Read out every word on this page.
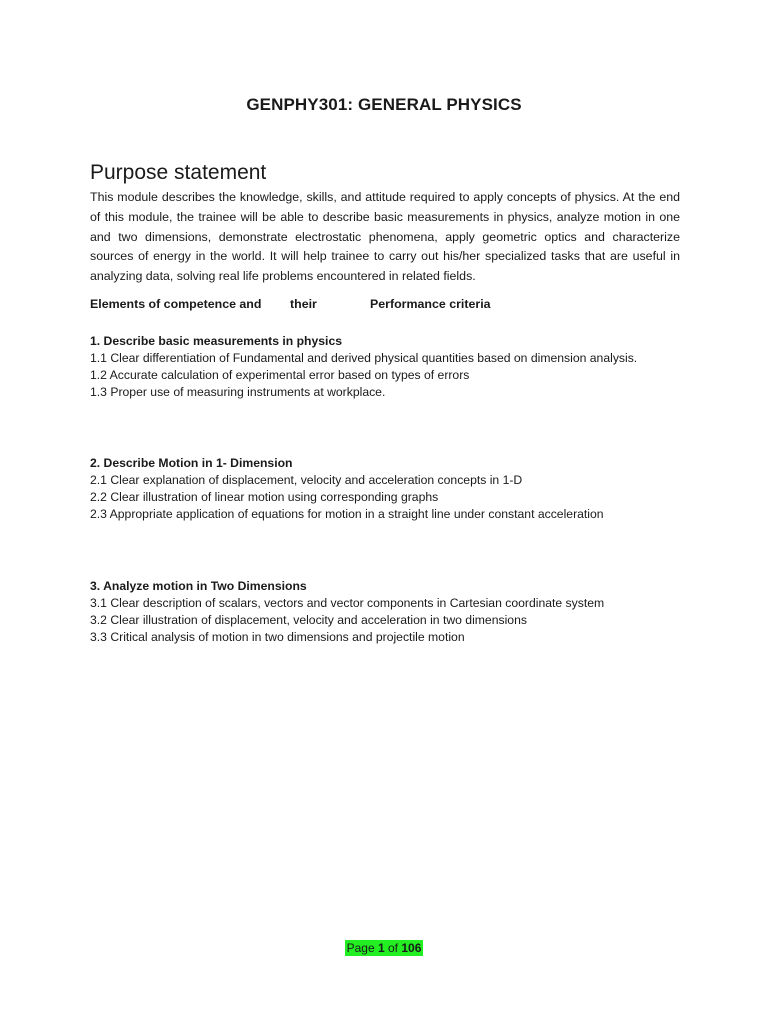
GENPHY301: GENERAL PHYSICS
Purpose statement
This module describes the knowledge, skills, and attitude required to apply concepts of physics. At the end of this module, the trainee will be able to describe basic measurements in physics, analyze motion in one and two dimensions, demonstrate electrostatic phenomena, apply geometric optics and characterize sources of energy in the world. It will help trainee to carry out his/her specialized tasks that are useful in analyzing data, solving real life problems encountered in related fields.
Elements of competence and their	Performance criteria
1. Describe basic measurements in physics
1.1 Clear differentiation of Fundamental and derived physical quantities based on dimension analysis.
1.2 Accurate calculation of experimental error based on types of errors
1.3 Proper use of measuring instruments at workplace.
2. Describe Motion in 1- Dimension
2.1 Clear explanation of displacement, velocity and acceleration concepts in 1-D
2.2 Clear illustration of linear motion using corresponding graphs
2.3 Appropriate application of equations for motion in a straight line under constant acceleration
3. Analyze motion in Two Dimensions
3.1 Clear description of scalars, vectors and vector components in Cartesian coordinate system
3.2 Clear illustration of displacement, velocity and acceleration in two dimensions
3.3 Critical analysis of motion in two dimensions and projectile motion
Page 1 of 106
